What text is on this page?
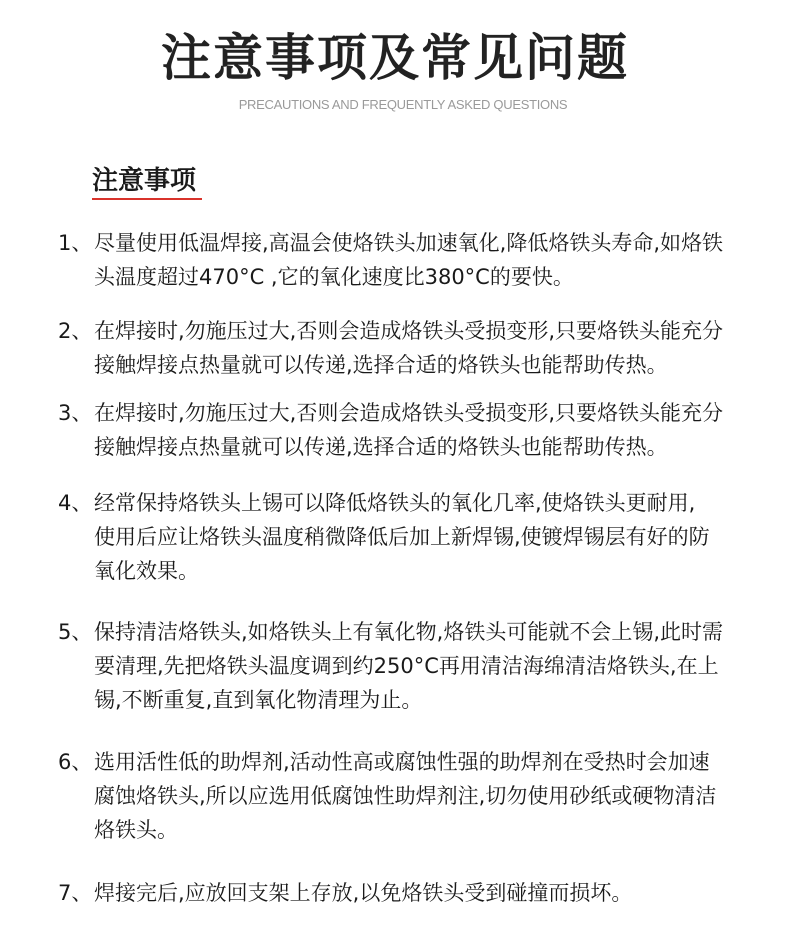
注意事项及常见问题
PRECAUTIONS AND FREQUENTLY ASKED QUESTIONS
注意事项
1、 尽量使用低温焊接,高温会使烙铁头加速氧化,降低烙铁头寿命,如烙铁
头温度超过470°C ,它的氧化速度比380°C的要快。
2、 在焊接时,勿施压过大,否则会造成烙铁头受损变形,只要烙铁头能充分
接触焊接点热量就可以传递,选择合适的烙铁头也能帮助传热。
3、 在焊接时,勿施压过大,否则会造成烙铁头受损变形,只要烙铁头能充分
接触焊接点热量就可以传递,选择合适的烙铁头也能帮助传热。
4、 经常保持烙铁头上锡可以降低烙铁头的氧化几率,使烙铁头更耐用,
使用后应让烙铁头温度稍微降低后加上新焊锡,使镀焊锡层有好的防
氧化效果。
5、 保持清洁烙铁头,如烙铁头上有氧化物,烙铁头可能就不会上锡,此时需
要清理,先把烙铁头温度调到约250°C再用清洁海绵清洁烙铁头,在上
锡,不断重复,直到氧化物清理为止。
6、 选用活性低的助焊剂,活动性高或腐蚀性强的助焊剂在受热时会加速
腐蚀烙铁头,所以应选用低腐蚀性助焊剂注,切勿使用砂纸或硬物清洁
烙铁头。
7、 焊接完后,应放回支架上存放,以免烙铁头受到碰撞而损坏。
